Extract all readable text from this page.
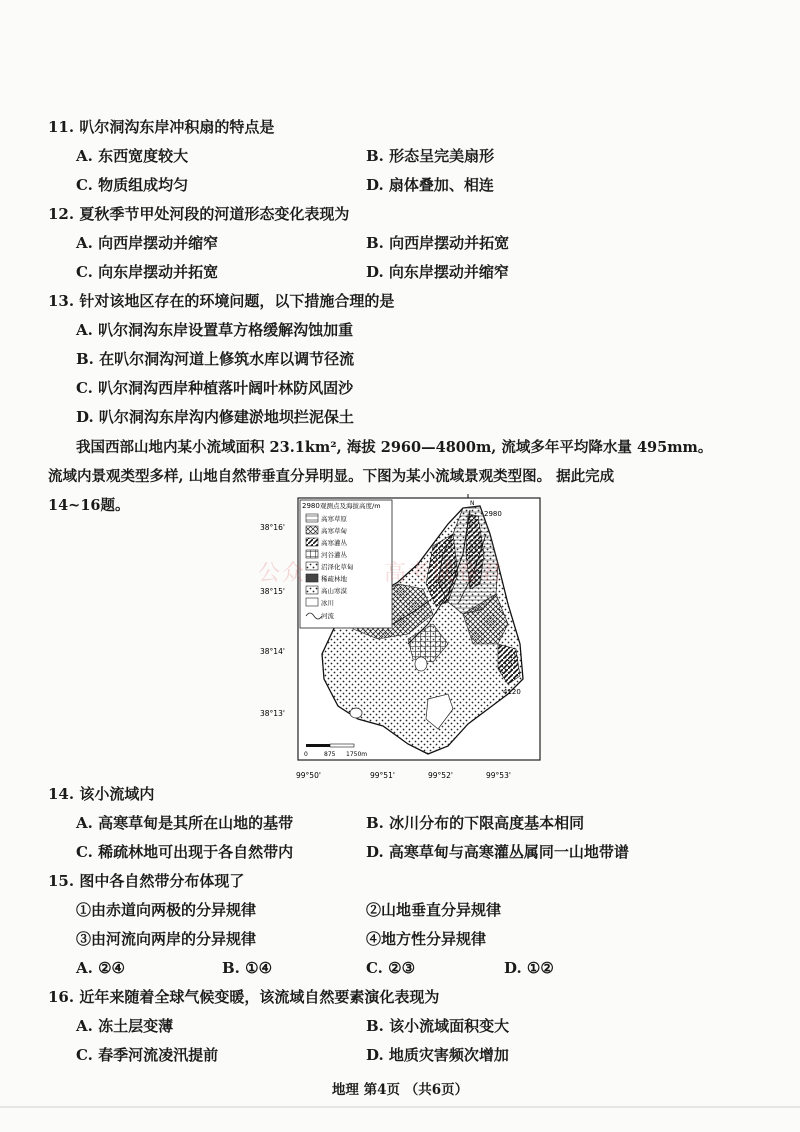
11. 叭尔洞沟东岸冲积扇的特点是
A. 东西宽度较大	B. 形态呈完美扇形
C. 物质组成均匀	D. 扇体叠加、相连
12. 夏秋季节甲处河段的河道形态变化表现为
A. 向西岸摆动并缩窄	B. 向西岸摆动并拓宽
C. 向东岸摆动并拓宽	D. 向东岸摆动并缩窄
13. 针对该地区存在的环境问题，以下措施合理的是
A. 叭尔洞沟东岸设置草方格缓解沟蚀加重
B. 在叭尔洞沟河道上修筑水库以调节径流
C. 叭尔洞沟西岸种植落叶阔叶林防风固沙
D. 叭尔洞沟东岸沟内修建淤地坝拦泥保土
我国西部山地内某小流域面积 23.1km², 海拔 2960—4800m, 流域多年平均降水量 495mm。
流域内景观类型多样, 山地自然带垂直分异明显。下图为某小流域景观类型图。 据此完成
14~16题。	观测点及海拔高度/m
高寒草原
高寒草甸
高寒灌丛
河谷灌丛
沼泽化草甸
稀疏林地
高山寒漠
冰川
河流
2980
2980
4120
N
38°16'
38°15'
38°14'
38°13'
99°50'	99°51'	99°52'	99°53'
0	875 1750m
公众	高考试卷君
14. 该小流域内
A. 高寒草甸是其所在山地的基带	B. 冰川分布的下限高度基本相同
C. 稀疏林地可出现于各自然带内	D. 高寒草甸与高寒灌丛属同一山地带谱
15. 图中各自然带分布体现了
①由赤道向两极的分异规律	②山地垂直分异规律
③由河流向两岸的分异规律	④地方性分异规律
A. ②④	B. ①④	C. ②③	D. ①②
16. 近年来随着全球气候变暖，该流域自然要素演化表现为
A. 冻土层变薄	B. 该小流域面积变大
C. 春季河流凌汛提前	D. 地质灾害频次增加
地理 第4页 （共6页）
